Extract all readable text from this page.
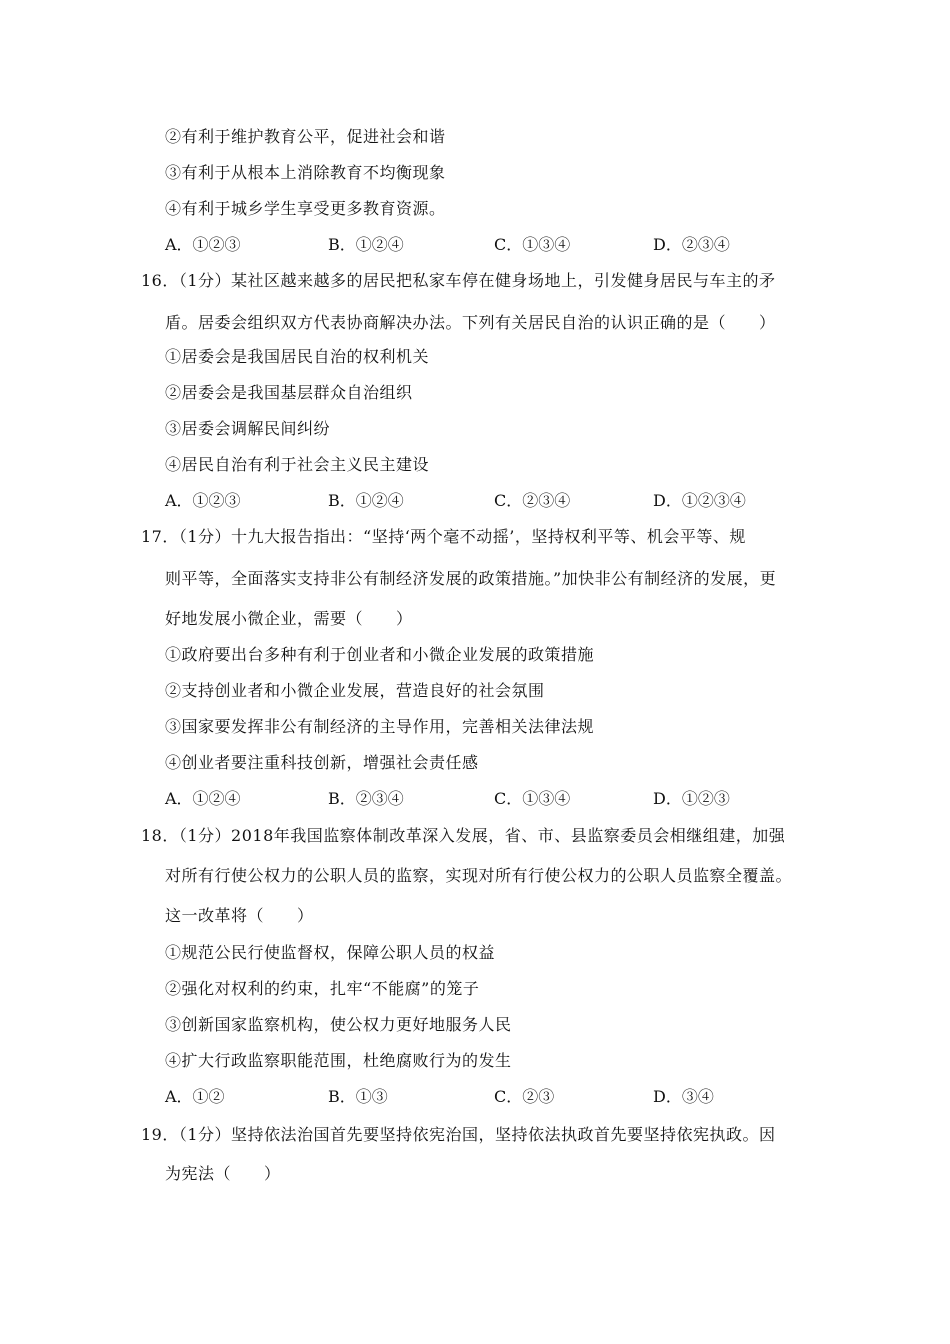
②有利于维护教育公平，促进社会和谐
③有利于从根本上消除教育不均衡现象
④有利于城乡学生享受更多教育资源。
A．①②③	B．①②④	C．①③④	D．②③④
16．（1分）某社区越来越多的居民把私家车停在健身场地上，引发健身居民与车主的矛
盾。居委会组织双方代表协商解决办法。下列有关居民自治的认识正确的是（　　）
①居委会是我国居民自治的权利机关
②居委会是我国基层群众自治组织
③居委会调解民间纠纷
④居民自治有利于社会主义民主建设
A．①②③	B．①②④	C．②③④	D．①②③④
17．（1分）十九大报告指出：“坚持‘两个毫不动摇’，坚持权利平等、机会平等、规
则平等，全面落实支持非公有制经济发展的政策措施。”加快非公有制经济的发展，更
好地发展小微企业，需要（　　）
①政府要出台多种有利于创业者和小微企业发展的政策措施
②支持创业者和小微企业发展，营造良好的社会氛围
③国家要发挥非公有制经济的主导作用，完善相关法律法规
④创业者要注重科技创新，增强社会责任感
A．①②④	B．②③④	C．①③④	D．①②③
18．（1分）2018年我国监察体制改革深入发展，省、市、县监察委员会相继组建，加强
对所有行使公权力的公职人员的监察，实现对所有行使公权力的公职人员监察全覆盖。
这一改革将（　　）
①规范公民行使监督权，保障公职人员的权益
②强化对权利的约束，扎牢“不能腐”的笼子
③创新国家监察机构，使公权力更好地服务人民
④扩大行政监察职能范围，杜绝腐败行为的发生
A．①②	B．①③	C．②③	D．③④
19．（1分）坚持依法治国首先要坚持依宪治国，坚持依法执政首先要坚持依宪执政。因
为宪法（　　）
